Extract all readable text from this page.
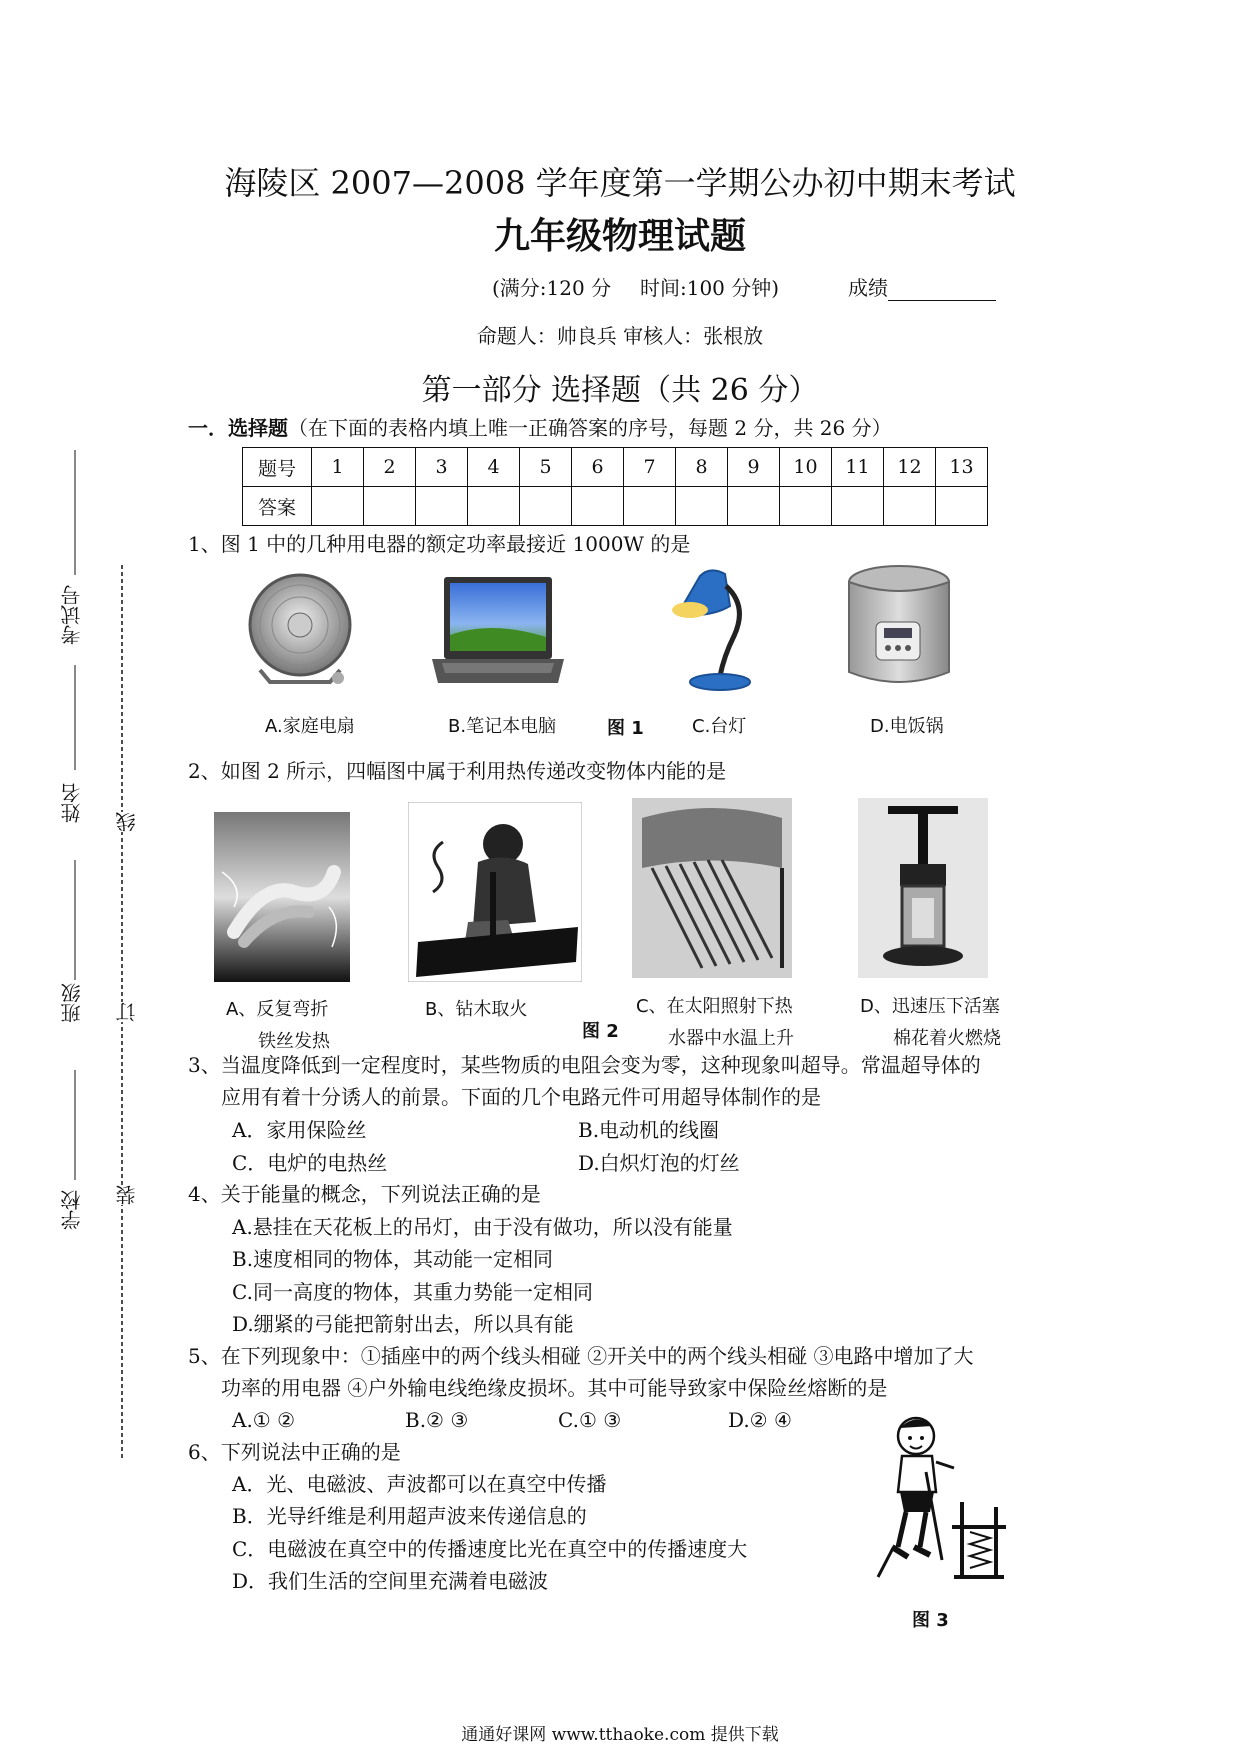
海陵区 2007—2008 学年度第一学期公办初中期末考试
九年级物理试题
(满分:120 分 时间:100 分钟)	成绩
命题人：帅良兵 审核人：张根放
第一部分 选择题（共 26 分）
一．选择题（在下面的表格内填上唯一正确答案的序号，每题 2 分，共 26 分）
题号	1	2	3	4	5	6	7	8	9	10	11	12	13
答案													
考试号
姓名
班级
学校
线
订
装
1、图 1 中的几种用电器的额定功率最接近 1000W 的是
A.家庭电扇	B.笔记本电脑	图 1	C.台灯	D.电饭锅
2、如图 2 所示，四幅图中属于利用热传递改变物体内能的是
A、反复弯折
铁丝发热
B、钻木取火
图 2
C、在太阳照射下热
水器中水温上升
D、迅速压下活塞
棉花着火燃烧
3、当温度降低到一定程度时，某些物质的电阻会变为零，这种现象叫超导。常温超导体的
应用有着十分诱人的前景。下面的几个电路元件可用超导体制作的是
A．家用保险丝	B.电动机的线圈
C．电炉的电热丝	D.白炽灯泡的灯丝
4、关于能量的概念，下列说法正确的是
A.悬挂在天花板上的吊灯，由于没有做功，所以没有能量
B.速度相同的物体，其动能一定相同
C.同一高度的物体，其重力势能一定相同
D.绷紧的弓能把箭射出去，所以具有能
5、在下列现象中：①插座中的两个线头相碰 ②开关中的两个线头相碰 ③电路中增加了大
功率的用电器 ④户外输电线绝缘皮损坏。其中可能导致家中保险丝熔断的是
A.① ②	B.② ③	C.① ③	D.② ④
6、下列说法中正确的是
A．光、电磁波、声波都可以在真空中传播
B．光导纤维是利用超声波来传递信息的
C．电磁波在真空中的传播速度比光在真空中的传播速度大
D．我们生活的空间里充满着电磁波
图 3
通通好课网 www.tthaoke.com 提供下载
